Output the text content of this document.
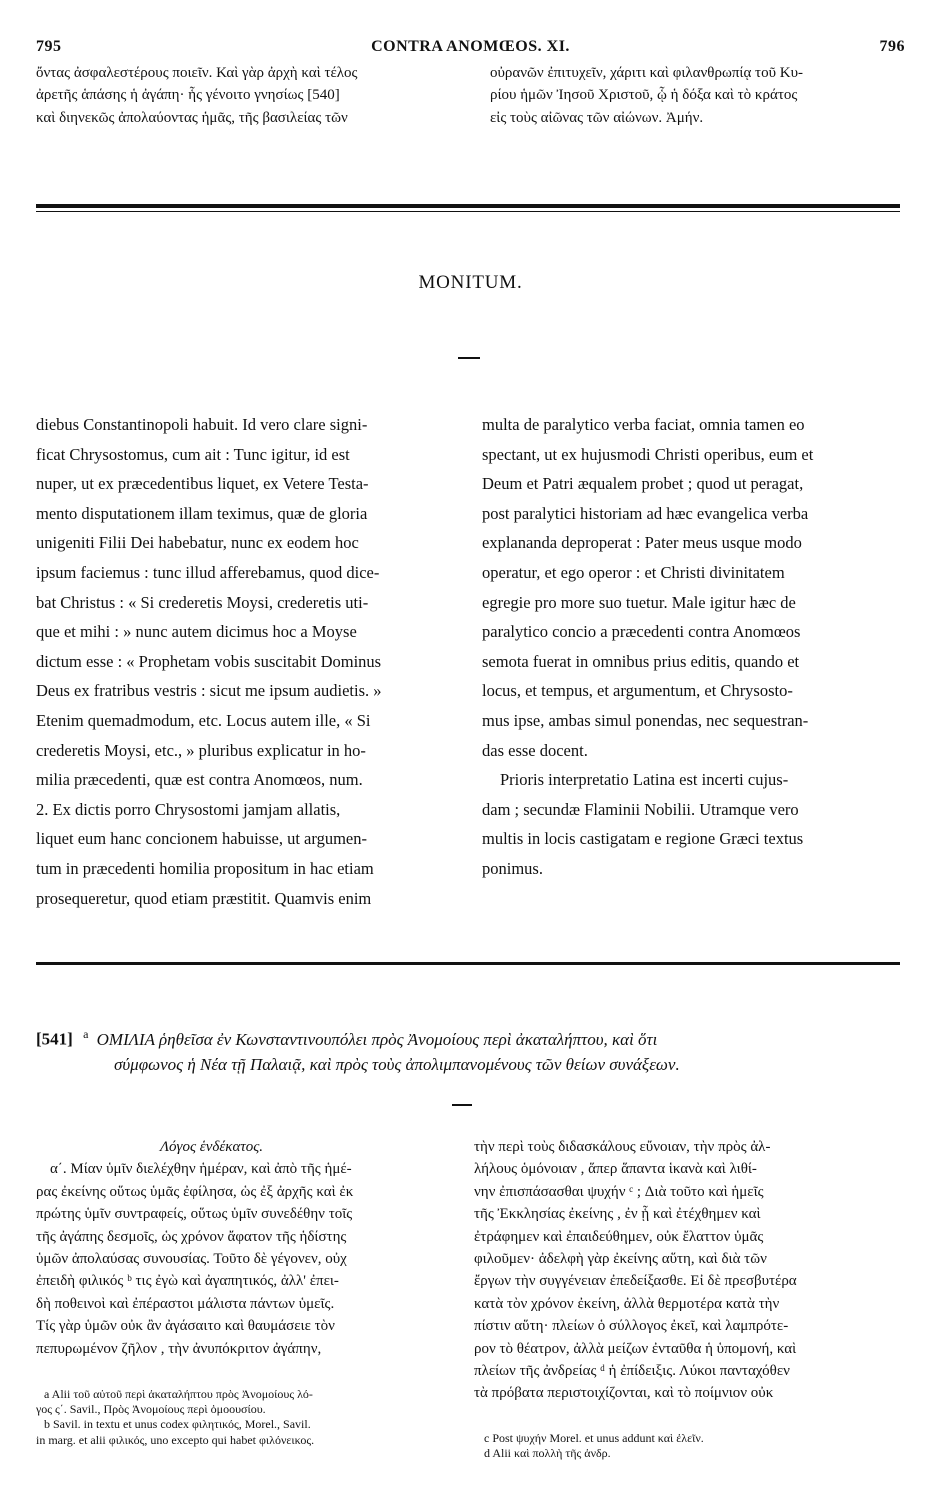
795	CONTRA ANOMŒOS. XI.	796
ὄντας ἀσφαλεστέρους ποιεῖν. Καὶ γὰρ ἀρχὴ καὶ τέλος
ἀρετῆς ἁπάσης ἡ ἀγάπη· ἧς γένοιτο γνησίως [540]
καὶ διηνεκῶς ἀπολαύοντας ἡμᾶς, τῆς βασιλείας τῶν
οὐρανῶν ἐπιτυχεῖν, χάριτι καὶ φιλανθρωπίᾳ τοῦ Κυ-
ρίου ἡμῶν Ἰησοῦ Χριστοῦ, ᾧ ἡ δόξα καὶ τὸ κράτος
εἰς τοὺς αἰῶνας τῶν αἰώνων. Ἀμήν.
MONITUM.
diebus Constantinopoli habuit. Id vero clare signi-
ficat Chrysostomus, cum ait : Tunc igitur, id est
nuper, ut ex præcedentibus liquet, ex Vetere Testa-
mento disputationem illam teximus, quæ de gloria
unigeniti Filii Dei habebatur, nunc ex eodem hoc
ipsum faciemus : tunc illud afferebamus, quod dice-
bat Christus : « Si crederetis Moysi, crederetis uti-
que et mihi : » nunc autem dicimus hoc a Moyse
dictum esse : « Prophetam vobis suscitabit Dominus
Deus ex fratribus vestris : sicut me ipsum audietis. »
Etenim quemadmodum, etc. Locus autem ille, « Si
crederetis Moysi, etc., » pluribus explicatur in ho-
milia præcedenti, quæ est contra Anomœos, num.
2. Ex dictis porro Chrysostomi jamjam allatis,
liquet eum hanc concionem habuisse, ut argumen-
tum in præcedenti homilia propositum in hac etiam
prosequeretur, quod etiam præstitit. Quamvis enim
multa de paralytico verba faciat, omnia tamen eo
spectant, ut ex hujusmodi Christi operibus, eum et
Deum et Patri æqualem probet ; quod ut peragat,
post paralytici historiam ad hæc evangelica verba
explananda deproperat : Pater meus usque modo
operatur, et ego operor : et Christi divinitatem
egregie pro more suo tuetur. Male igitur hæc de
paralytico concio a præcedenti contra Anomœos
semota fuerat in omnibus prius editis, quando et
locus, et tempus, et argumentum, et Chrysosto-
mus ipse, ambas simul ponendas, nec sequestran-
das esse docent.
Prioris interpretatio Latina est incerti cujus-
dam ; secundæ Flaminii Nobilii. Utramque vero
multis in locis castigatam e regione Græci textus
ponimus.
[541] $^a$ ΟΜΙΛΙΑ ῥηθεῖσα ἐν Κωνσταντινουπόλει πρὸς Ἀνομοίους περὶ ἀκαταλήπτου, καὶ ὅτι
σύμφωνος ἡ Νέα τῇ Παλαιᾷ, καὶ πρὸς τοὺς ἀπολιμπανομένους τῶν θείων συνάξεων.
Λόγος ἑνδέκατος.
α΄. Μίαν ὑμῖν διελέχθην ἡμέραν, καὶ ἀπὸ τῆς ἡμέ-
ρας ἐκείνης οὕτως ὑμᾶς ἐφίλησα, ὡς ἐξ ἀρχῆς καὶ ἐκ
πρώτης ὑμῖν συντραφείς, οὕτως ὑμῖν συνεδέθην τοῖς
τῆς ἀγάπης δεσμοῖς, ὡς χρόνον ἄφατον τῆς ἡδίστης
ὑμῶν ἀπολαύσας συνουσίας. Τοῦτο δὲ γέγονεν, οὐχ
ἐπειδὴ φιλικός ᵇ τις ἐγὼ καὶ ἀγαπητικός, ἀλλ' ἐπει-
δὴ ποθεινοὶ καὶ ἐπέραστοι μάλιστα πάντων ὑμεῖς.
Τίς γὰρ ὑμῶν οὐκ ἂν ἀγάσαιτο καὶ θαυμάσειε τὸν
πεπυρωμένον ζῆλον , τὴν ἀνυπόκριτον ἀγάπην,
τὴν περὶ τοὺς διδασκάλους εὔνοιαν, τὴν πρὸς ἀλ-
λήλους ὁμόνοιαν , ἅπερ ἅπαντα ἱκανὰ καὶ λιθί-
νην ἐπισπάσασθαι ψυχήν ᶜ ; Διὰ τοῦτο καὶ ἡμεῖς
τῆς Ἐκκλησίας ἐκείνης , ἐν ᾗ καὶ ἐτέχθημεν καὶ
ἐτράφημεν καὶ ἐπαιδεύθημεν, οὐκ ἔλαττον ὑμᾶς
φιλοῦμεν· ἀδελφὴ γὰρ ἐκείνης αὕτη, καὶ διὰ τῶν
ἔργων τὴν συγγένειαν ἐπεδείξασθε. Εἰ δὲ πρεσβυτέρα
κατὰ τὸν χρόνον ἐκείνη, ἀλλὰ θερμοτέρα κατὰ τὴν
πίστιν αὕτη· πλείων ὁ σύλλογος ἐκεῖ, καὶ λαμπρότε-
ρον τὸ θέατρον, ἀλλὰ μείζων ἐνταῦθα ἡ ὑπομονή, καὶ
πλείων τῆς ἀνδρείας ᵈ ἡ ἐπίδειξις. Λύκοι πανταχόθεν
τὰ πρόβατα περιστοιχίζονται, καὶ τὸ ποίμνιον οὐκ
a Alii τοῦ αὐτοῦ περὶ ἀκαταλήπτου πρὸς Ἀνομοίους λό-
γος ς΄. Savil., Πρὸς Ἀνομοίους περὶ ὁμοουσίου.
b Savil. in textu et unus codex φιλητικός, Morel., Savil.
in marg. et alii φιλικός, uno excepto qui habet φιλόνεικος.	c Post ψυχήν Morel. et unus addunt καὶ ἐλεῖν.
d Alii καὶ πολλὴ τῆς ἀνδρ.
